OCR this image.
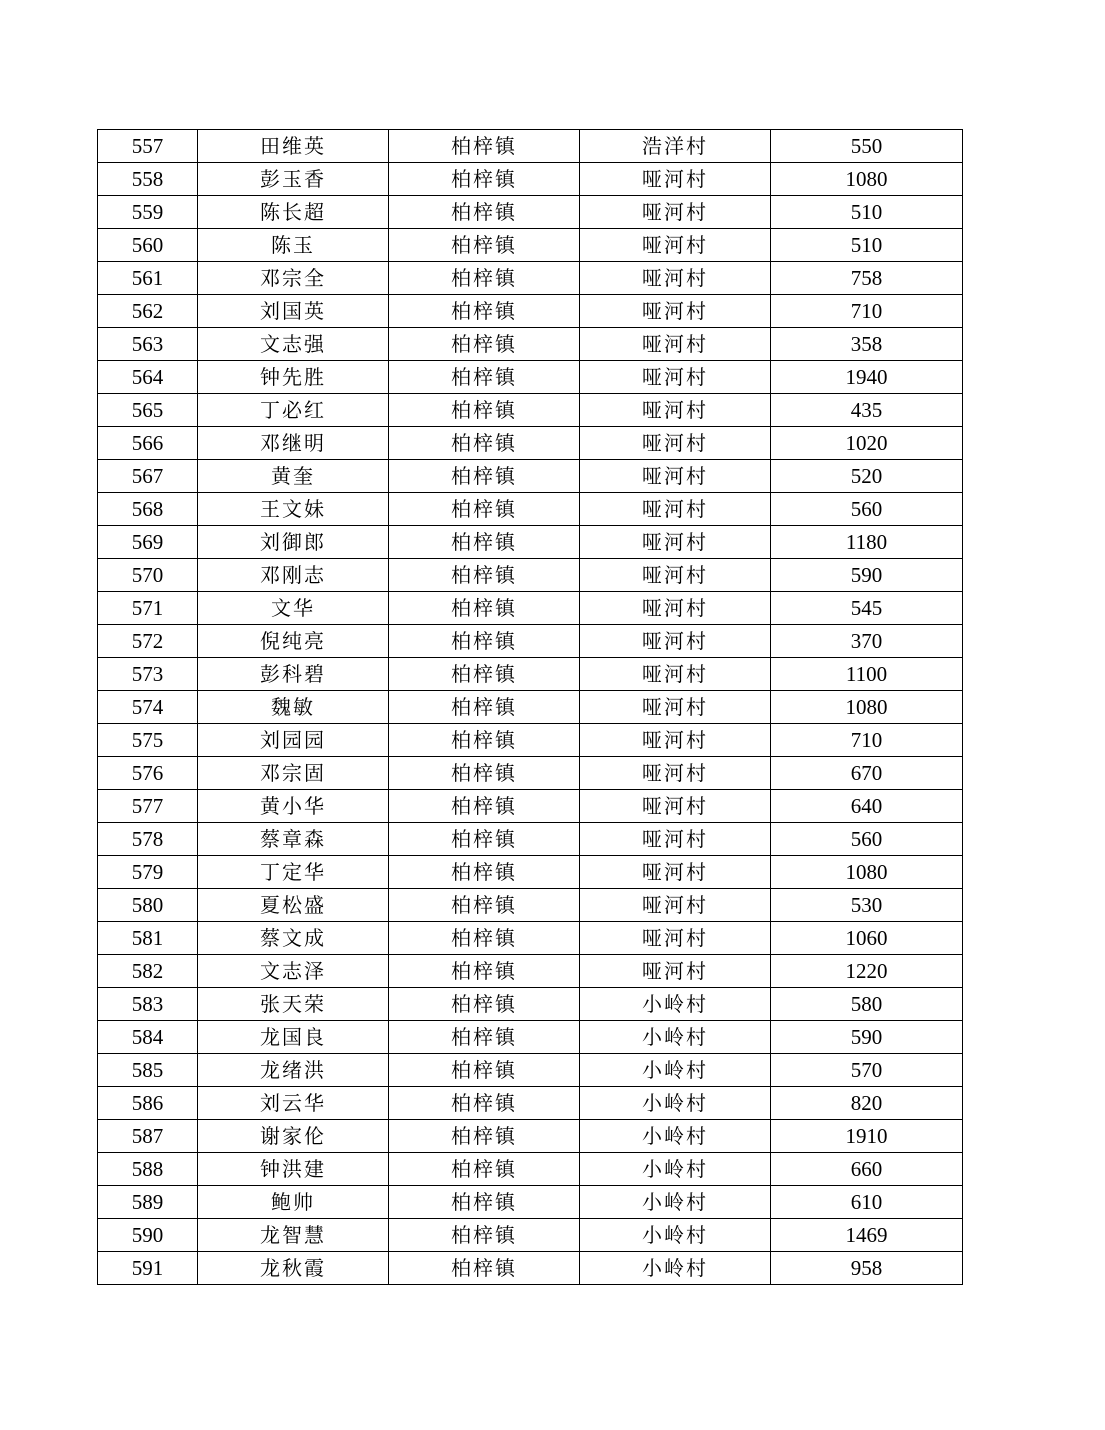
557	田维英	柏梓镇	浩洋村	550
558	彭玉香	柏梓镇	哑河村	1080
559	陈长超	柏梓镇	哑河村	510
560	陈玉	柏梓镇	哑河村	510
561	邓宗全	柏梓镇	哑河村	758
562	刘国英	柏梓镇	哑河村	710
563	文志强	柏梓镇	哑河村	358
564	钟先胜	柏梓镇	哑河村	1940
565	丁必红	柏梓镇	哑河村	435
566	邓继明	柏梓镇	哑河村	1020
567	黄奎	柏梓镇	哑河村	520
568	王文妹	柏梓镇	哑河村	560
569	刘御郎	柏梓镇	哑河村	1180
570	邓刚志	柏梓镇	哑河村	590
571	文华	柏梓镇	哑河村	545
572	倪纯亮	柏梓镇	哑河村	370
573	彭科碧	柏梓镇	哑河村	1100
574	魏敏	柏梓镇	哑河村	1080
575	刘园园	柏梓镇	哑河村	710
576	邓宗固	柏梓镇	哑河村	670
577	黄小华	柏梓镇	哑河村	640
578	蔡章森	柏梓镇	哑河村	560
579	丁定华	柏梓镇	哑河村	1080
580	夏松盛	柏梓镇	哑河村	530
581	蔡文成	柏梓镇	哑河村	1060
582	文志泽	柏梓镇	哑河村	1220
583	张天荣	柏梓镇	小岭村	580
584	龙国良	柏梓镇	小岭村	590
585	龙绪洪	柏梓镇	小岭村	570
586	刘云华	柏梓镇	小岭村	820
587	谢家伦	柏梓镇	小岭村	1910
588	钟洪建	柏梓镇	小岭村	660
589	鲍帅	柏梓镇	小岭村	610
590	龙智慧	柏梓镇	小岭村	1469
591	龙秋霞	柏梓镇	小岭村	958
